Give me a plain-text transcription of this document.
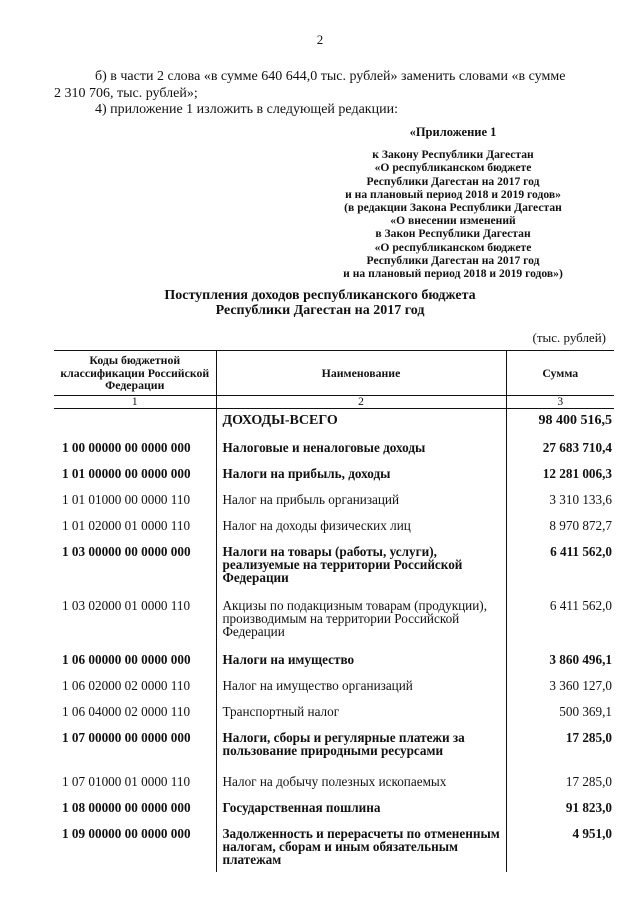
2
б) в части 2 слова «в сумме 640 644,0 тыс. рублей» заменить словами «в сумме
2 310 706, тыс. рублей»;
4) приложение 1 изложить в следующей редакции:
«Приложение 1
к Закону Республики Дагестан
«О республиканском бюджете
Республики Дагестан на 2017 год
и на плановый период 2018 и 2019 годов»
(в редакции Закона Республики Дагестан
«О внесении изменений
в Закон Республики Дагестан
«О республиканском бюджете
Республики Дагестан на 2017 год
и на плановый период 2018 и 2019 годов»)
Поступления доходов республиканского бюджета
Республики Дагестан на 2017 год
(тыс. рублей)
Коды бюджетной классификации Российской Федерации	Наименование	Сумма
1	2	3
	ДОХОДЫ-ВСЕГО	98 400 516,5
1 00 00000 00 0000 000	Налоговые и неналоговые доходы	27 683 710,4
1 01 00000 00 0000 000	Налоги на прибыль, доходы	12 281 006,3
1 01 01000 00 0000 110	Налог на прибыль организаций	3 310 133,6
1 01 02000 01 0000 110	Налог на доходы физических лиц	8 970 872,7
1 03 00000 00 0000 000	Налоги на товары (работы, услуги), реализуемые на территории Российской Федерации	6 411 562,0
1 03 02000 01 0000 110	Акцизы по подакцизным товарам (продукции), производимым на территории Российской Федерации	6 411 562,0
1 06 00000 00 0000 000	Налоги на имущество	3 860 496,1
1 06 02000 02 0000 110	Налог на имущество организаций	3 360 127,0
1 06 04000 02 0000 110	Транспортный налог	500 369,1
1 07 00000 00 0000 000	Налоги, сборы и регулярные платежи за пользование природными ресурсами	17 285,0
1 07 01000 01 0000 110	Налог на добычу полезных ископаемых	17 285,0
1 08 00000 00 0000 000	Государственная пошлина	91 823,0
1 09 00000 00 0000 000	Задолженность и перерасчеты по отмененным налогам, сборам и иным обязательным платежам	4 951,0
